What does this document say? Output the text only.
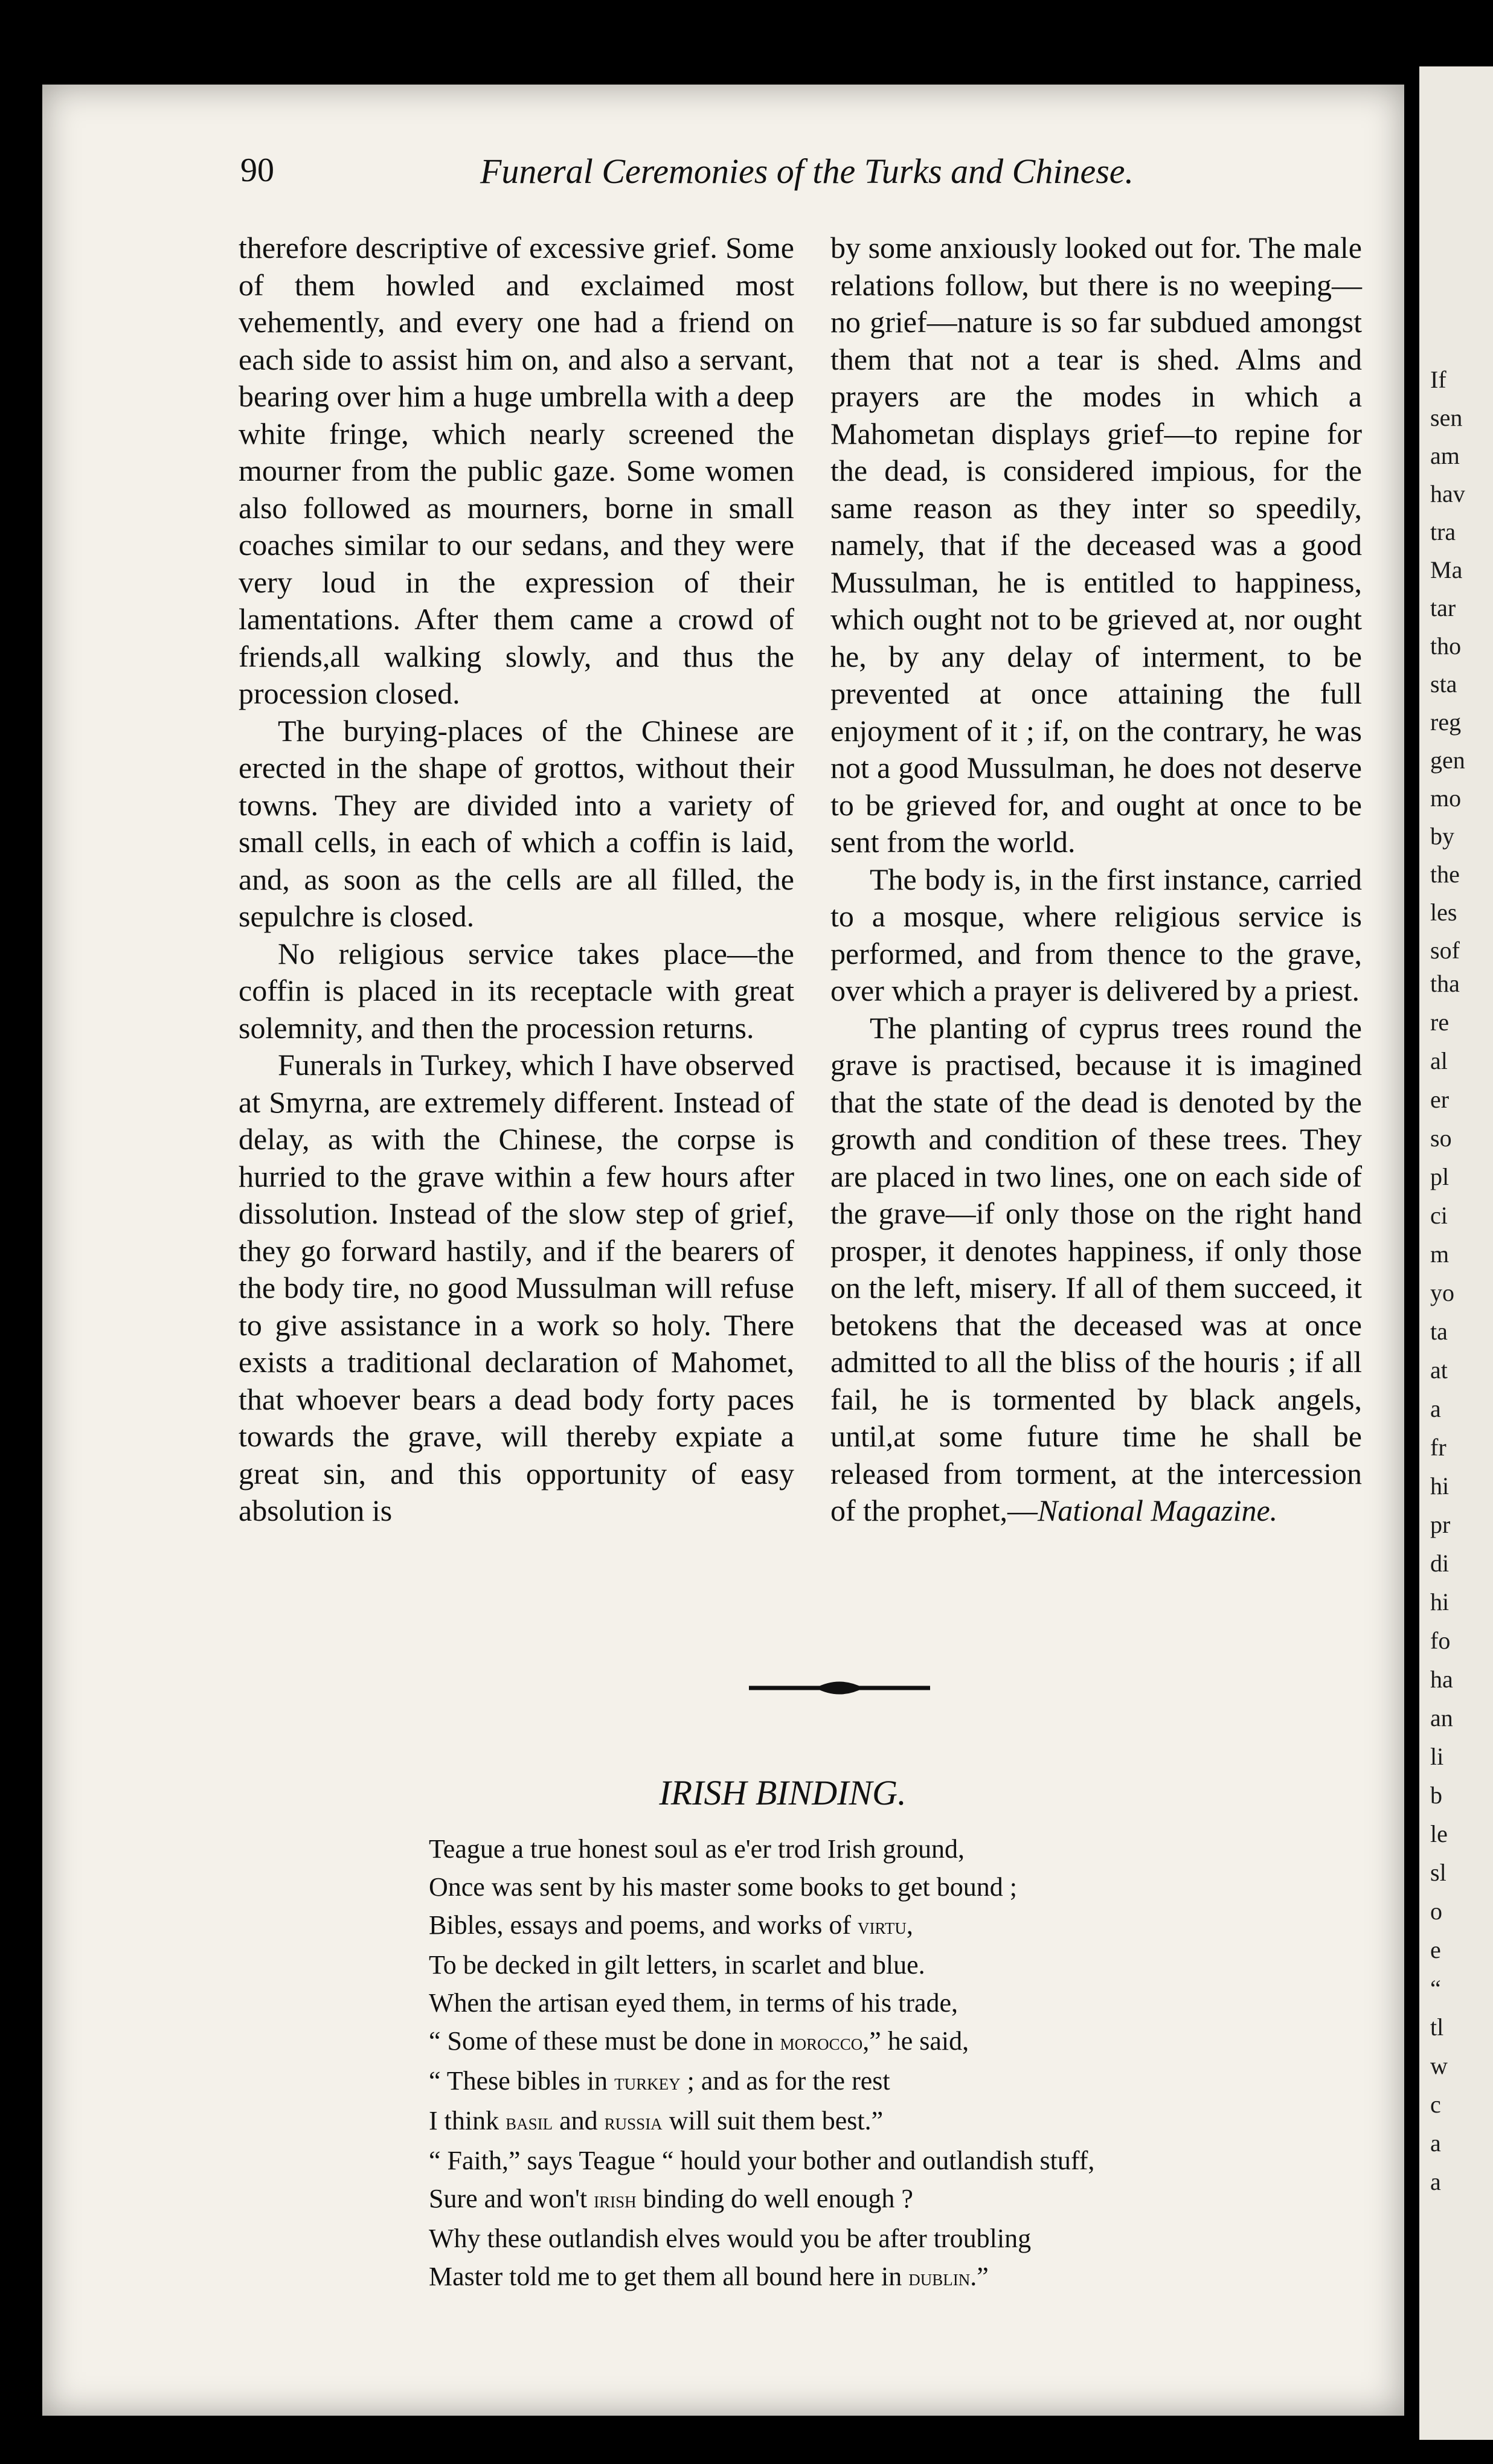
If
sen
am
hav
tra
Ma
tar
tho
sta
reg
gen
mo
by
the
les
sof
tha
re
al
er
so
pl
ci
m
yo
ta
at
a
fr
hi
pr
di
hi
fo
ha
an
li
b
le
sl
o
e
“
tl
w
c
a
a
90	Funeral Ceremonies of the Turks and Chinese.

therefore descriptive of excessive grief. Some of them howled and exclaimed most vehemently, and every one had a friend on each side to assist him on, and also a servant, bearing over him a huge umbrella with a deep white fringe, which nearly screened the mourner from the public gaze. Some women also followed as mourners, borne in small coaches similar to our sedans, and they were very loud in the expression of their lamentations. After them came a crowd of friends,all walking slowly, and thus the procession closed.

The burying-places of the Chinese are erected in the shape of grottos, without their towns. They are divided into a variety of small cells, in each of which a coffin is laid, and, as soon as the cells are all filled, the sepulchre is closed.

No religious service takes place—the coffin is placed in its receptacle with great solemnity, and then the procession returns.

Funerals in Turkey, which I have observed at Smyrna, are extremely different. Instead of delay, as with the Chinese, the corpse is hurried to the grave within a few hours after dissolution. Instead of the slow step of grief, they go forward hastily, and if the bearers of the body tire, no good Mussulman will refuse to give assistance in a work so holy. There exists a traditional declaration of Mahomet, that whoever bears a dead body forty paces towards the grave, will thereby expiate a great sin, and this opportunity of easy absolution is

by some anxiously looked out for. The male relations follow, but there is no weeping—no grief—nature is so far subdued amongst them that not a tear is shed. Alms and prayers are the modes in which a Mahometan displays grief—to repine for the dead, is considered impious, for the same reason as they inter so speedily, namely, that if the deceased was a good Mussulman, he is entitled to happiness, which ought not to be grieved at, nor ought he, by any delay of interment, to be prevented at once attaining the full enjoyment of it ; if, on the contrary, he was not a good Mussulman, he does not deserve to be grieved for, and ought at once to be sent from the world.

The body is, in the first instance, carried to a mosque, where religious service is performed, and from thence to the grave, over which a prayer is delivered by a priest.

The planting of cyprus trees round the grave is practised, because it is imagined that the state of the dead is denoted by the growth and condition of these trees. They are placed in two lines, one on each side of the grave—if only those on the right hand prosper, it denotes happiness, if only those on the left, misery. If all of them succeed, it betokens that the deceased was at once admitted to all the bliss of the houris ; if all fail, he is tormented by black angels, until,at some future time he shall be released from torment, at the intercession of the prophet,—National Magazine.

IRISH BINDING.
Teague a true honest soul as e'er trod Irish ground,
Once was sent by his master some books to get bound ;
Bibles, essays and poems, and works of virtu,
To be decked in gilt letters, in scarlet and blue.
When the artisan eyed them, in terms of his trade,
“ Some of these must be done in morocco,” he said,
“ These bibles in turkey ; and as for the rest
I think basil and russia will suit them best.”
“ Faith,” says Teague “ hould your bother and outlandish stuff,
Sure and won't irish binding do well enough ?
Why these outlandish elves would you be after troubling
Master told me to get them all bound here in dublin.”
